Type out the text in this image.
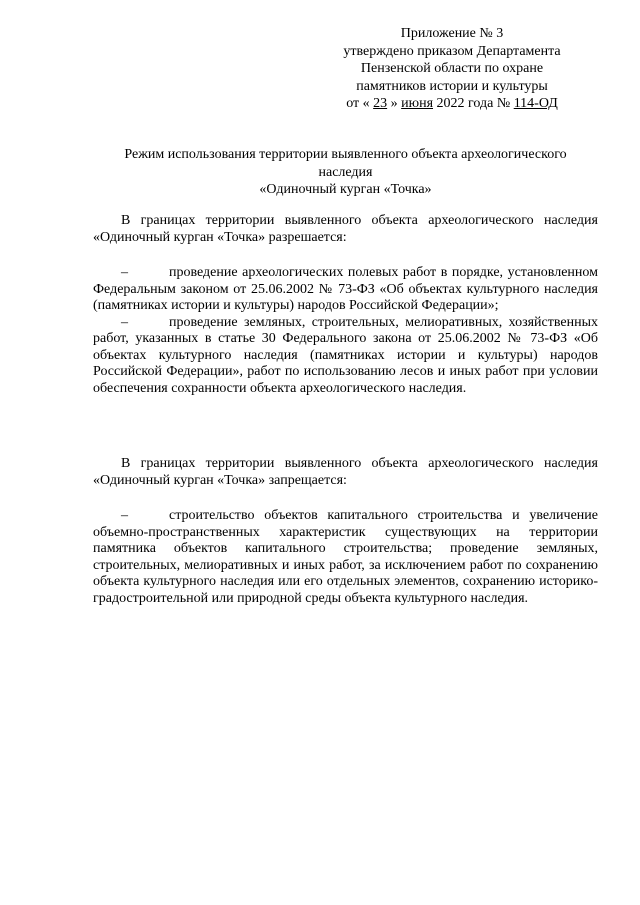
Приложение № 3
утверждено приказом Департамента
Пензенской области по охране
памятников истории и культуры
от « 23 » июня 2022 года № 114-ОД
Режим использования территории выявленного объекта археологического
наследия
«Одиночный курган «Точка»

В границах территории выявленного объекта археологического наследия «Одиночный курган «Точка» разрешается:

–	проведение археологических полевых работ в порядке, установленном Федеральным законом от 25.06.2002 № 73-ФЗ «Об объектах культурного наследия (памятниках истории и культуры) народов Российской Федерации»;

–	проведение земляных, строительных, мелиоративных, хозяйственных работ, указанных в статье 30 Федерального закона от 25.06.2002 № 73-ФЗ «Об объектах культурного наследия (памятниках истории и культуры) народов Российской Федерации», работ по использованию лесов и иных работ при условии обеспечения сохранности объекта археологического наследия.

В границах территории выявленного объекта археологического наследия «Одиночный курган «Точка» запрещается:

–	строительство объектов капитального строительства и увеличение объемно-пространственных характеристик существующих на территории памятника объектов капитального строительства; проведение земляных, строительных, мелиоративных и иных работ, за исключением работ по сохранению объекта культурного наследия или его отдельных элементов, сохранению историко-градостроительной или природной среды объекта культурного наследия.
